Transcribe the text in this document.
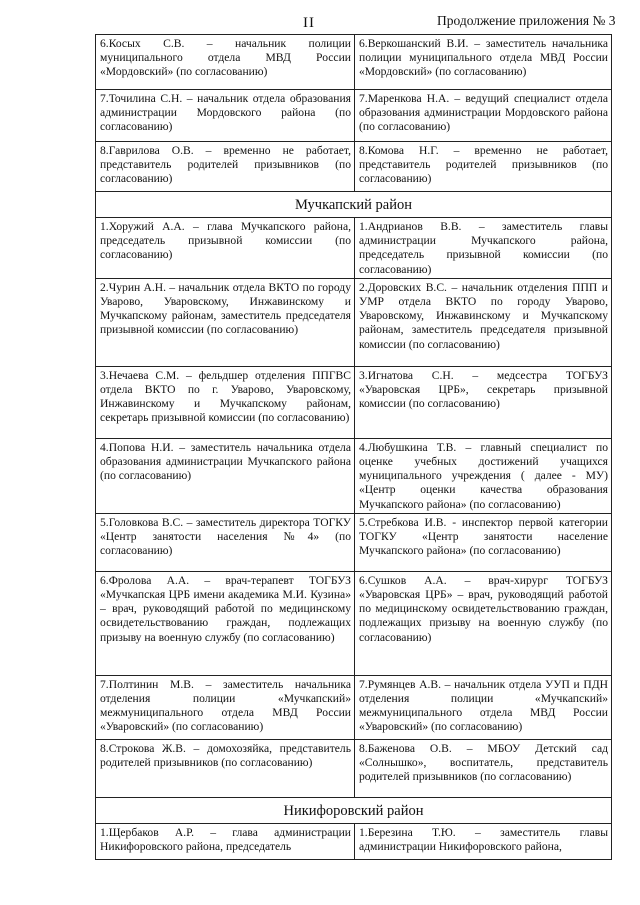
II	Продолжение приложения № 3
6.Косых С.В. – начальник полиции муниципального отдела МВД России «Мордовский» (по согласованию)	6.Веркошанский В.И. – заместитель начальника полиции муниципального отдела МВД России «Мордовский» (по согласованию)
7.Точилина С.Н. – начальник отдела образования администрации Мордовского района (по согласованию)	7.Маренкова Н.А. – ведущий специалист отдела образования администрации Мордовского района (по согласованию)
8.Гаврилова О.В. – временно не работает, представитель родителей призывников (по согласованию)	8.Комова Н.Г. – временно не работает, представитель родителей призывников (по согласованию)
Мучкапский район	
1.Хоружий А.А. – глава Мучкапского района, председатель призывной комиссии (по согласованию)	1.Андрианов В.В. – заместитель главы администрации Мучкапского района, председатель призывной комиссии (по согласованию)
2.Чурин А.Н. – начальник отдела ВКТО по городу Уварово, Уваровскому, Инжавинскому и Мучкапскому районам, заместитель председателя призывной комиссии (по согласованию)	2.Доровских В.С. – начальник отделения ППП и УМР отдела ВКТО по городу Уварово, Уваровскому, Инжавинскому и Мучкапскому районам, заместитель председателя призывной комиссии (по согласованию)
3.Нечаева С.М. – фельдшер отделения ППГВС отдела ВКТО по г. Уварово, Уваровскому, Инжавинскому и Мучкапскому районам, секретарь призывной комиссии (по согласованию)	3.Игнатова С.Н. – медсестра ТОГБУЗ «Уваровская ЦРБ», секретарь призывной комиссии (по согласованию)
4.Попова Н.И. – заместитель начальника отдела образования администрации Мучкапского района (по согласованию)	4.Любушкина Т.В. – главный специалист по оценке учебных достижений учащихся муниципального учреждения ( далее - МУ) «Центр оценки качества образования Мучкапского района» (по согласованию)
5.Головкова В.С. – заместитель директора ТОГКУ «Центр занятости населения №4» (по согласованию)	5.Стребкова И.В. - инспектор первой категории ТОГКУ «Центр занятости население Мучкапского района» (по согласованию)
6.Фролова А.А. – врач-терапевт ТОГБУЗ «Мучкапская ЦРБ имени академика М.И. Кузина» – врач, руководящий работой по медицинскому освидетельствованию граждан, подлежащих призыву на военную службу (по согласованию)	6.Сушков А.А. – врач-хирург ТОГБУЗ «Уваровская ЦРБ» – врач, руководящий работой по медицинскому освидетельствованию граждан, подлежащих призыву на военную службу (по согласованию)
7.Полтинин М.В. – заместитель начальника отделения полиции «Мучкапский» межмуниципального отдела МВД России «Уваровский» (по согласованию)	7.Румянцев А.В. – начальник отдела УУП и ПДН отделения полиции «Мучкапский» межмуниципального отдела МВД России «Уваровский» (по согласованию)
8.Строкова Ж.В. – домохозяйка, представитель родителей призывников (по согласованию)	8.Баженова О.В. – МБОУ Детский сад «Солнышко», воспитатель, представитель родителей призывников (по согласованию)
Никифоровский район	
1.Щербаков А.Р. – глава администрации Никифоровского района, председатель	1.Березина Т.Ю. – заместитель главы администрации Никифоровского района,
